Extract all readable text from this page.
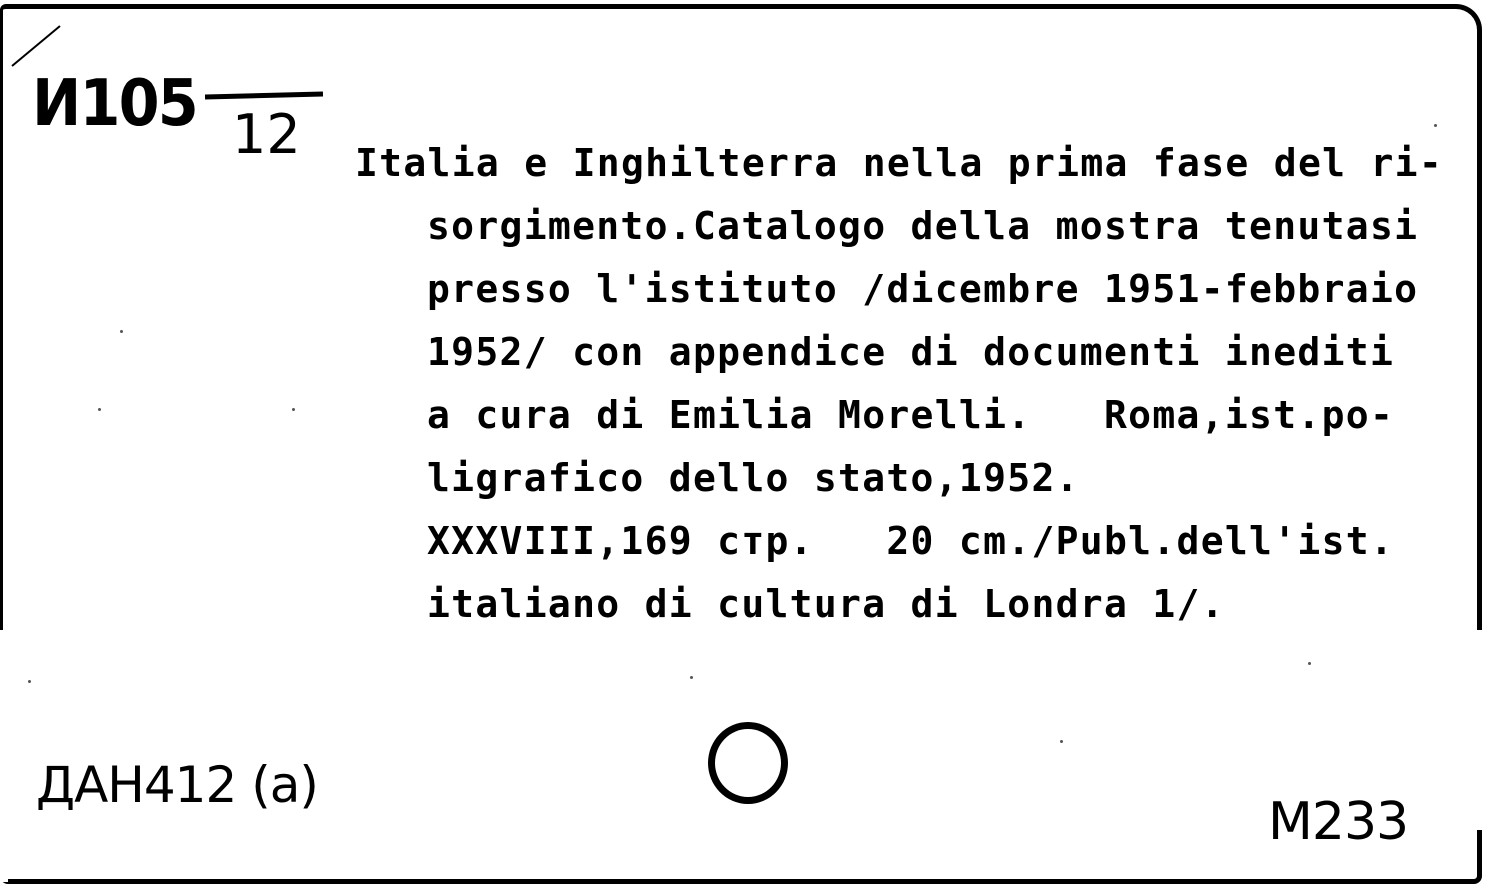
И105 12 Italia e Inghilterra nella prima fase del ri-
sorgimento.Catalogo della mostra tenutasi
presso l'istituto /dicembre 1951-febbraio
1952/ con appendice di documenti inediti
a cura di Emilia Morelli.   Roma,ist.po-
ligrafico dello stato,1952.
XXXVIII,169 cтр.   20 cm./Publ.dell'ist.
italiano di cultura di Londra 1/.
ДАН412 (а)
M233
